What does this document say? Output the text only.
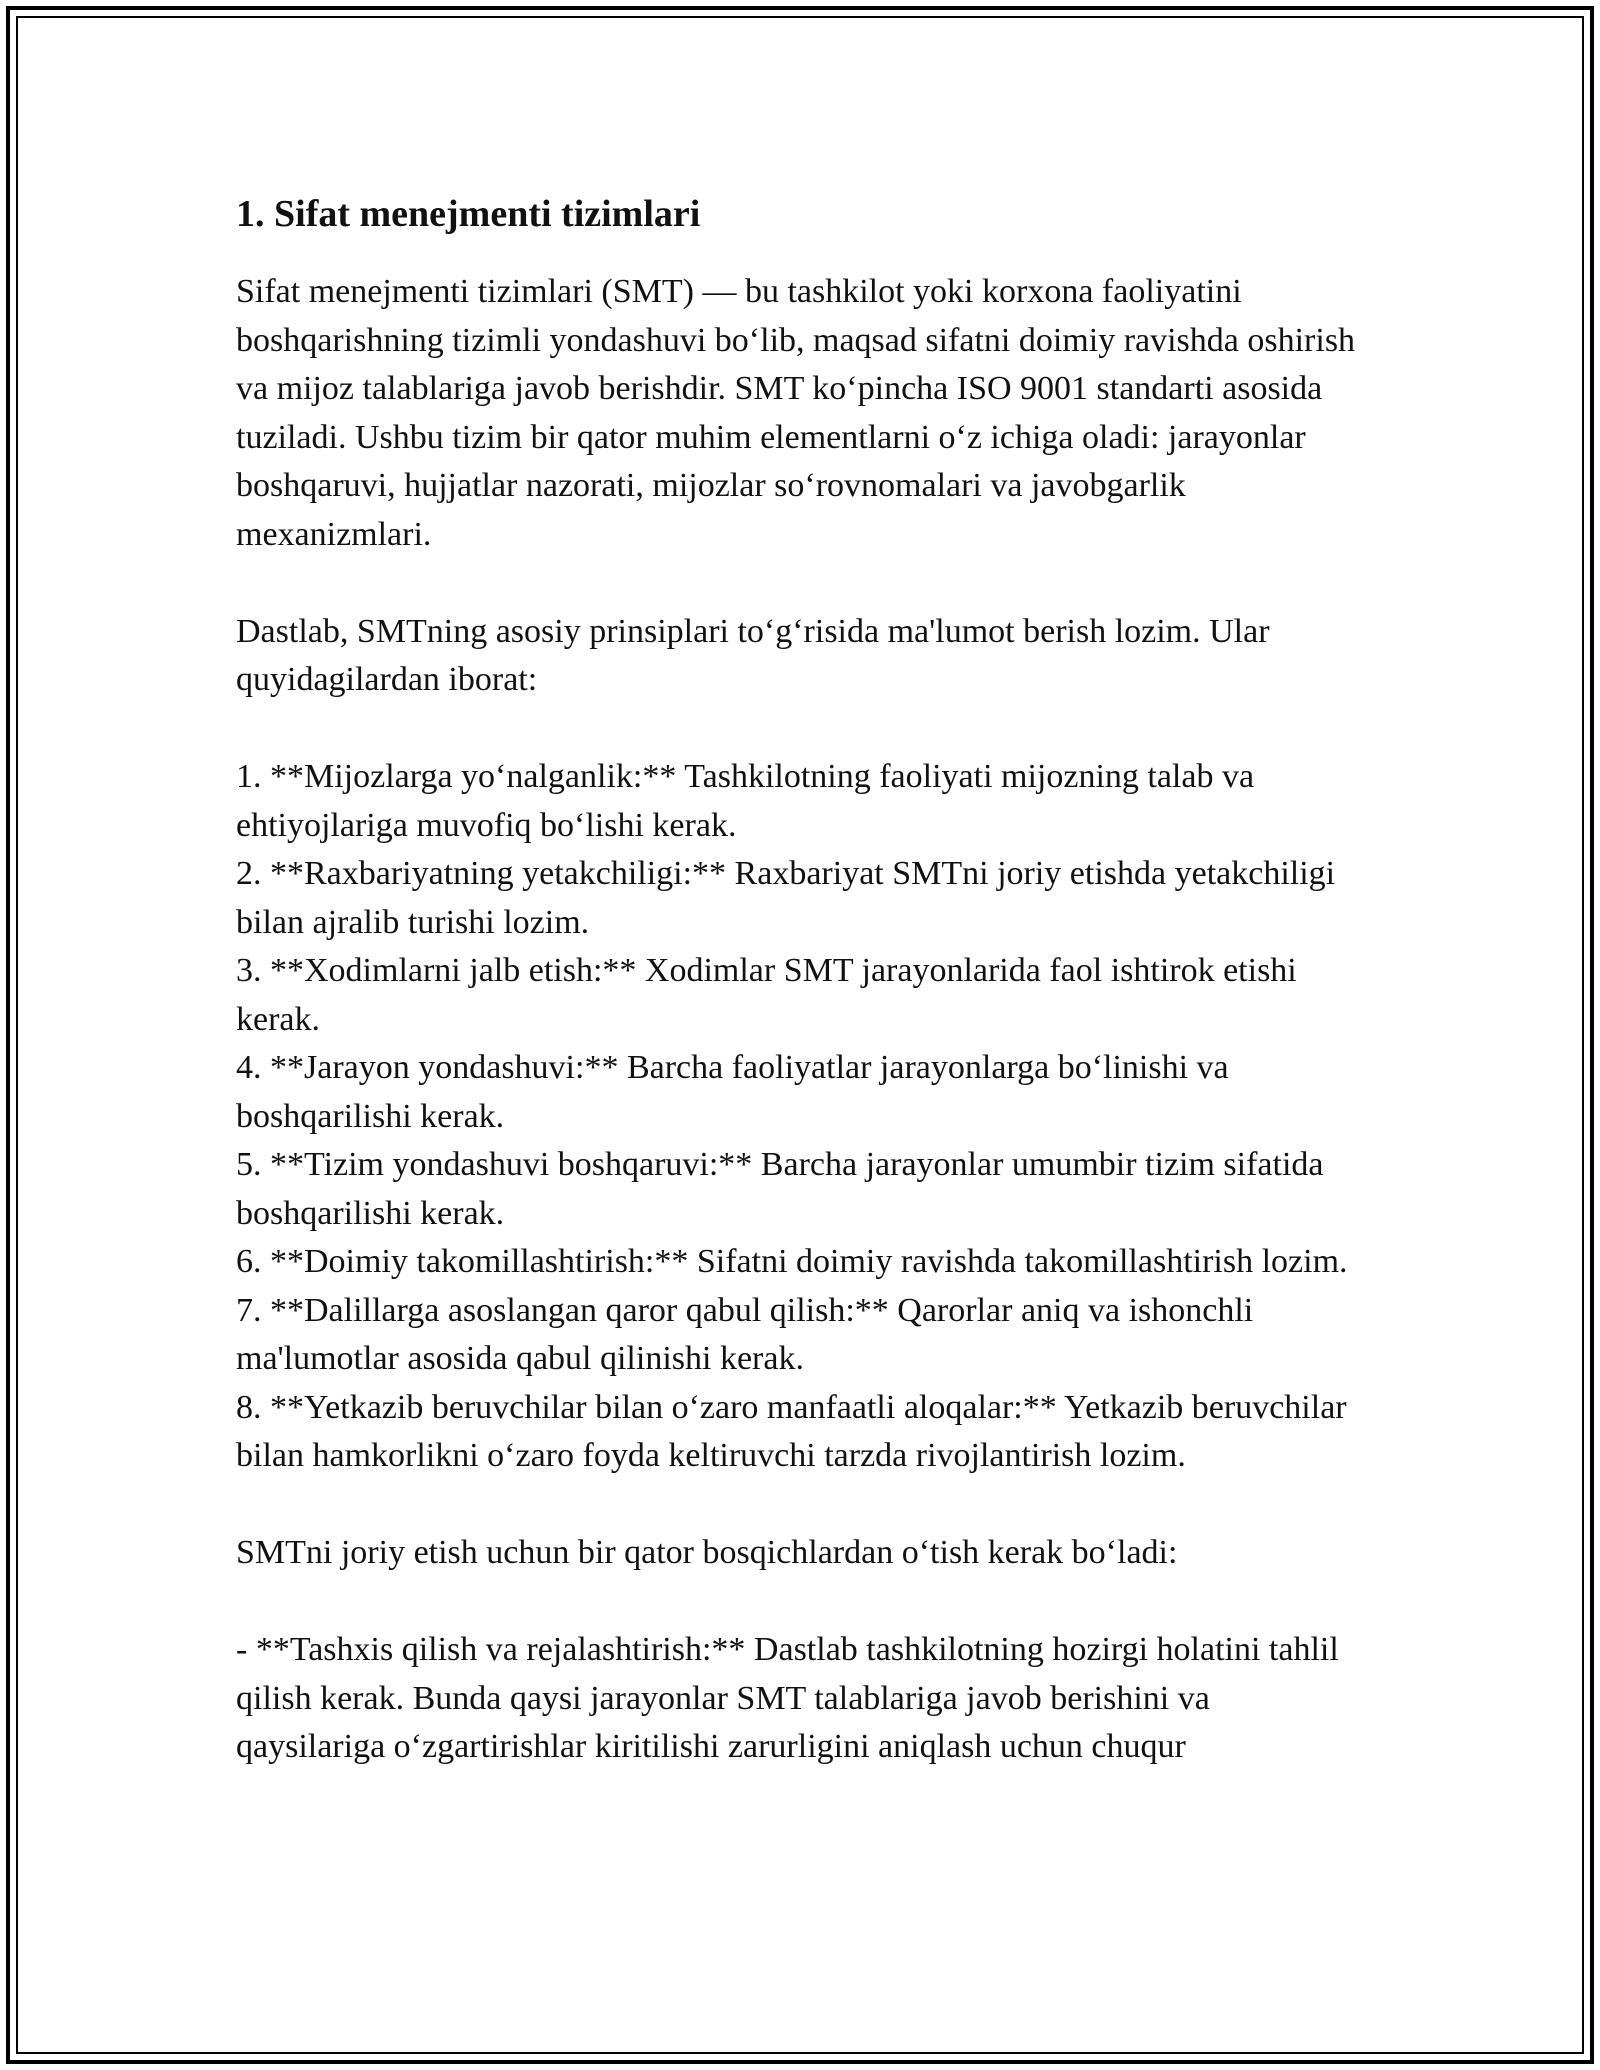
1. Sifat menejmenti tizimlari

Sifat menejmenti tizimlari (SMT) — bu tashkilot yoki korxona faoliyatini boshqarishning tizimli yondashuvi bo‘lib, maqsad sifatni doimiy ravishda oshirish va mijoz talablariga javob berishdir. SMT ko‘pincha ISO 9001 standarti asosida tuziladi. Ushbu tizim bir qator muhim elementlarni o‘z ichiga oladi: jarayonlar boshqaruvi, hujjatlar nazorati, mijozlar so‘rovnomalari va javobgarlik mexanizmlari.

Dastlab, SMTning asosiy prinsiplari to‘g‘risida ma'lumot berish lozim. Ular quyidagilardan iborat:

1. **Mijozlarga yo‘nalganlik:** Tashkilotning faoliyati mijozning talab va ehtiyojlariga muvofiq bo‘lishi kerak.

2. **Raxbariyatning yetakchiligi:** Raxbariyat SMTni joriy etishda yetakchiligi bilan ajralib turishi lozim.

3. **Xodimlarni jalb etish:** Xodimlar SMT jarayonlarida faol ishtirok etishi kerak.

4. **Jarayon yondashuvi:** Barcha faoliyatlar jarayonlarga bo‘linishi va boshqarilishi kerak.

5. **Tizim yondashuvi boshqaruvi:** Barcha jarayonlar umumbir tizim sifatida boshqarilishi kerak.

6. **Doimiy takomillashtirish:** Sifatni doimiy ravishda takomillashtirish lozim.

7. **Dalillarga asoslangan qaror qabul qilish:** Qarorlar aniq va ishonchli ma'lumotlar asosida qabul qilinishi kerak.

8. **Yetkazib beruvchilar bilan o‘zaro manfaatli aloqalar:** Yetkazib beruvchilar bilan hamkorlikni o‘zaro foyda keltiruvchi tarzda rivojlantirish lozim.

SMTni joriy etish uchun bir qator bosqichlardan o‘tish kerak bo‘ladi:

- **Tashxis qilish va rejalashtirish:** Dastlab tashkilotning hozirgi holatini tahlil qilish kerak. Bunda qaysi jarayonlar SMT talablariga javob berishini va qaysilariga o‘zgartirishlar kiritilishi zarurligini aniqlash uchun chuqur
